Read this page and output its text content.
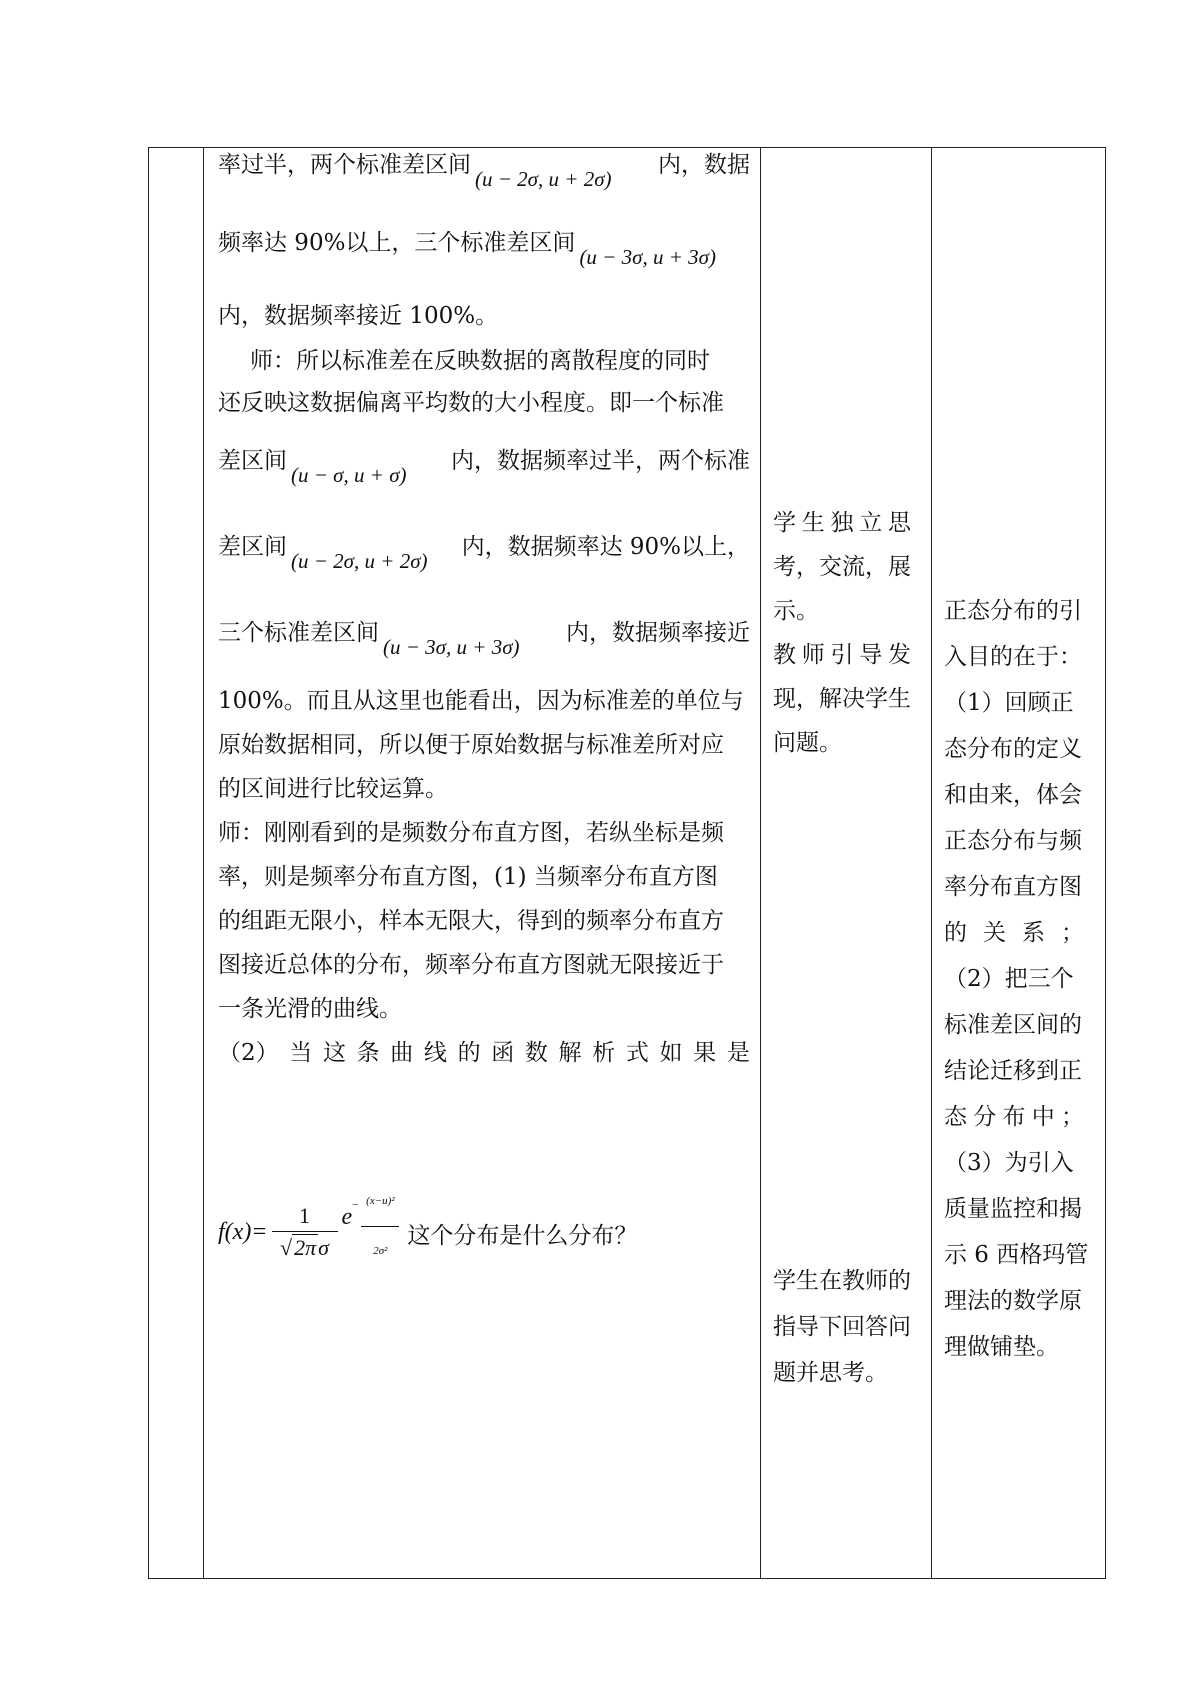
率过半，两个标准差区间(u − 2σ, u + 2σ)
内，数据
频率达 90%以上，三个标准差区间(u − 3σ, u + 3σ)
内，数据频率接近 100%。
师：所以标准差在反映数据的离散程度的同时
还反映这数据偏离平均数的大小程度。即一个标准
差区间(u − σ, u + σ)
内，数据频率过半，两个标准
差区间(u − 2σ, u + 2σ)
内，数据频率达 90%以上，
三个标准差区间(u − 3σ, u + 3σ)
内，数据频率接近
100%。而且从这里也能看出，因为标准差的单位与
原始数据相同，所以便于原始数据与标准差所对应
的区间进行比较运算。
师：刚刚看到的是频数分布直方图，若纵坐标是频
率，则是频率分布直方图，(1) 当频率分布直方图
的组距无限小，样本无限大，得到的频率分布直方
图接近总体的分布，频率分布直方图就无限接近于
一条光滑的曲线。
（2） 当 这 条 曲 线 的 函 数 解 析 式 如 果 是
$f(x)= \frac{1}{√2\pi\sigma}$ e − (x−u)²
2σ²
这个分布是什么分布？

学 生 独 立 思
考，交流，展
示。
教 师 引 导 发
现，解决学生
问题。
学生在教师的
指导下回答问
题并思考。

正态分布的引
入目的在于：
（1）回顾正
态分布的定义
和由来，体会
正态分布与频
率分布直方图
的 关 系 ；
（2）把三个
标准差区间的
结论迁移到正
态 分 布 中 ；
（3）为引入
质量监控和揭
示 6 西格玛管
理法的数学原
理做铺垫。
